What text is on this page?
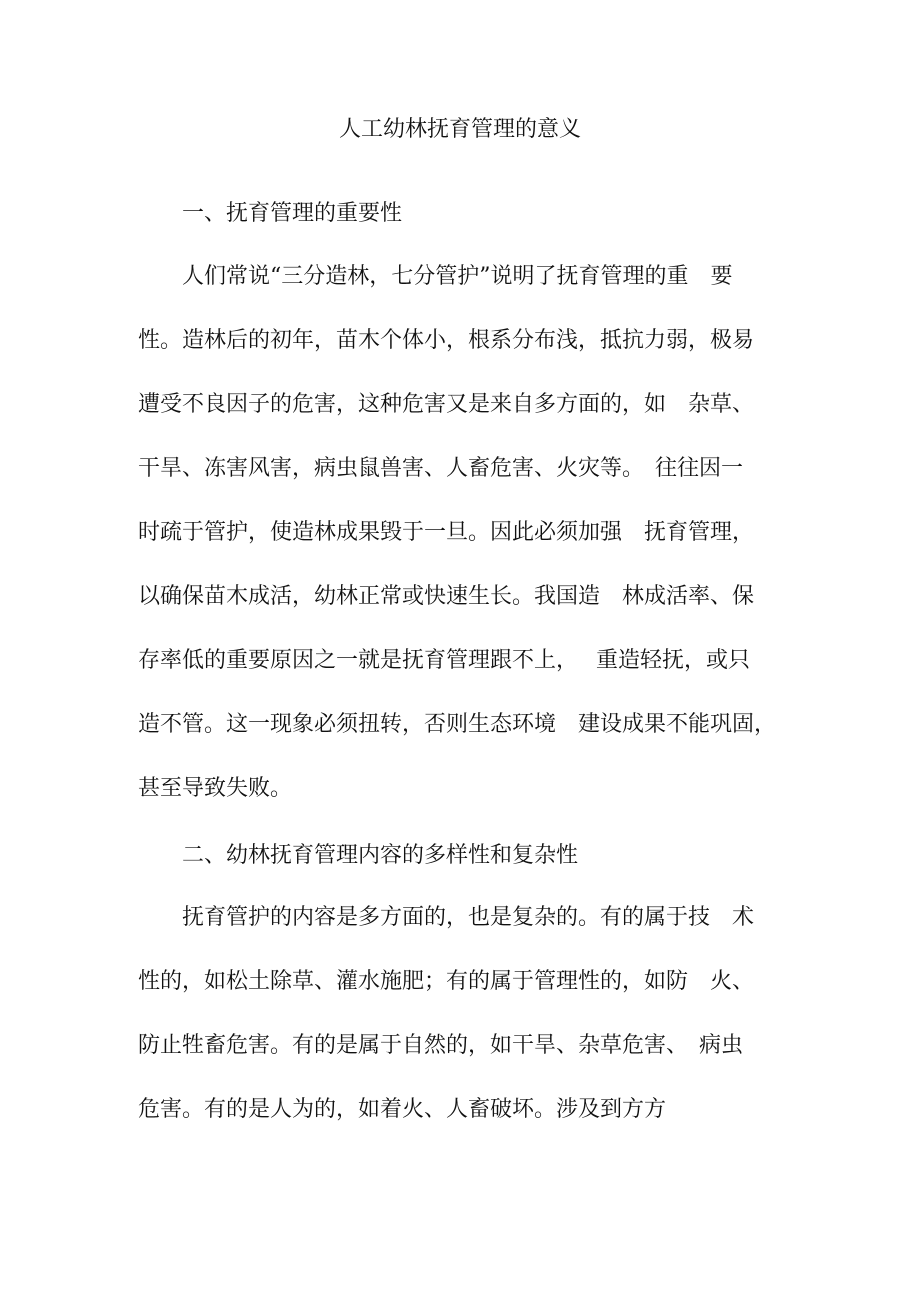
人工幼林抚育管理的意义
一、抚育管理的重要性
人们常说“三分造林，七分管护”说明了抚育管理的重　要
性。造林后的初年，苗木个体小，根系分布浅，抵抗力弱，极易
遭受不良因子的危害，这种危害又是来自多方面的，如　杂草、
干旱、冻害风害，病虫鼠兽害、人畜危害、火灾等。　往往因一
时疏于管护，使造林成果毁于一旦。因此必须加强　抚育管理，
以确保苗木成活，幼林正常或快速生长。我国造　林成活率、保
存率低的重要原因之一就是抚育管理跟不上，　 重造轻抚，或只
造不管。这一现象必须扭转，否则生态环境　建设成果不能巩固，
甚至导致失败。
二、幼林抚育管理内容的多样性和复杂性
抚育管护的内容是多方面的，也是复杂的。有的属于技　术
性的，如松土除草、灌水施肥；有的属于管理性的，如防　火、
防止牲畜危害。有的是属于自然的，如干旱、杂草危害、　病虫
危害。有的是人为的，如着火、人畜破坏。涉及到方方
